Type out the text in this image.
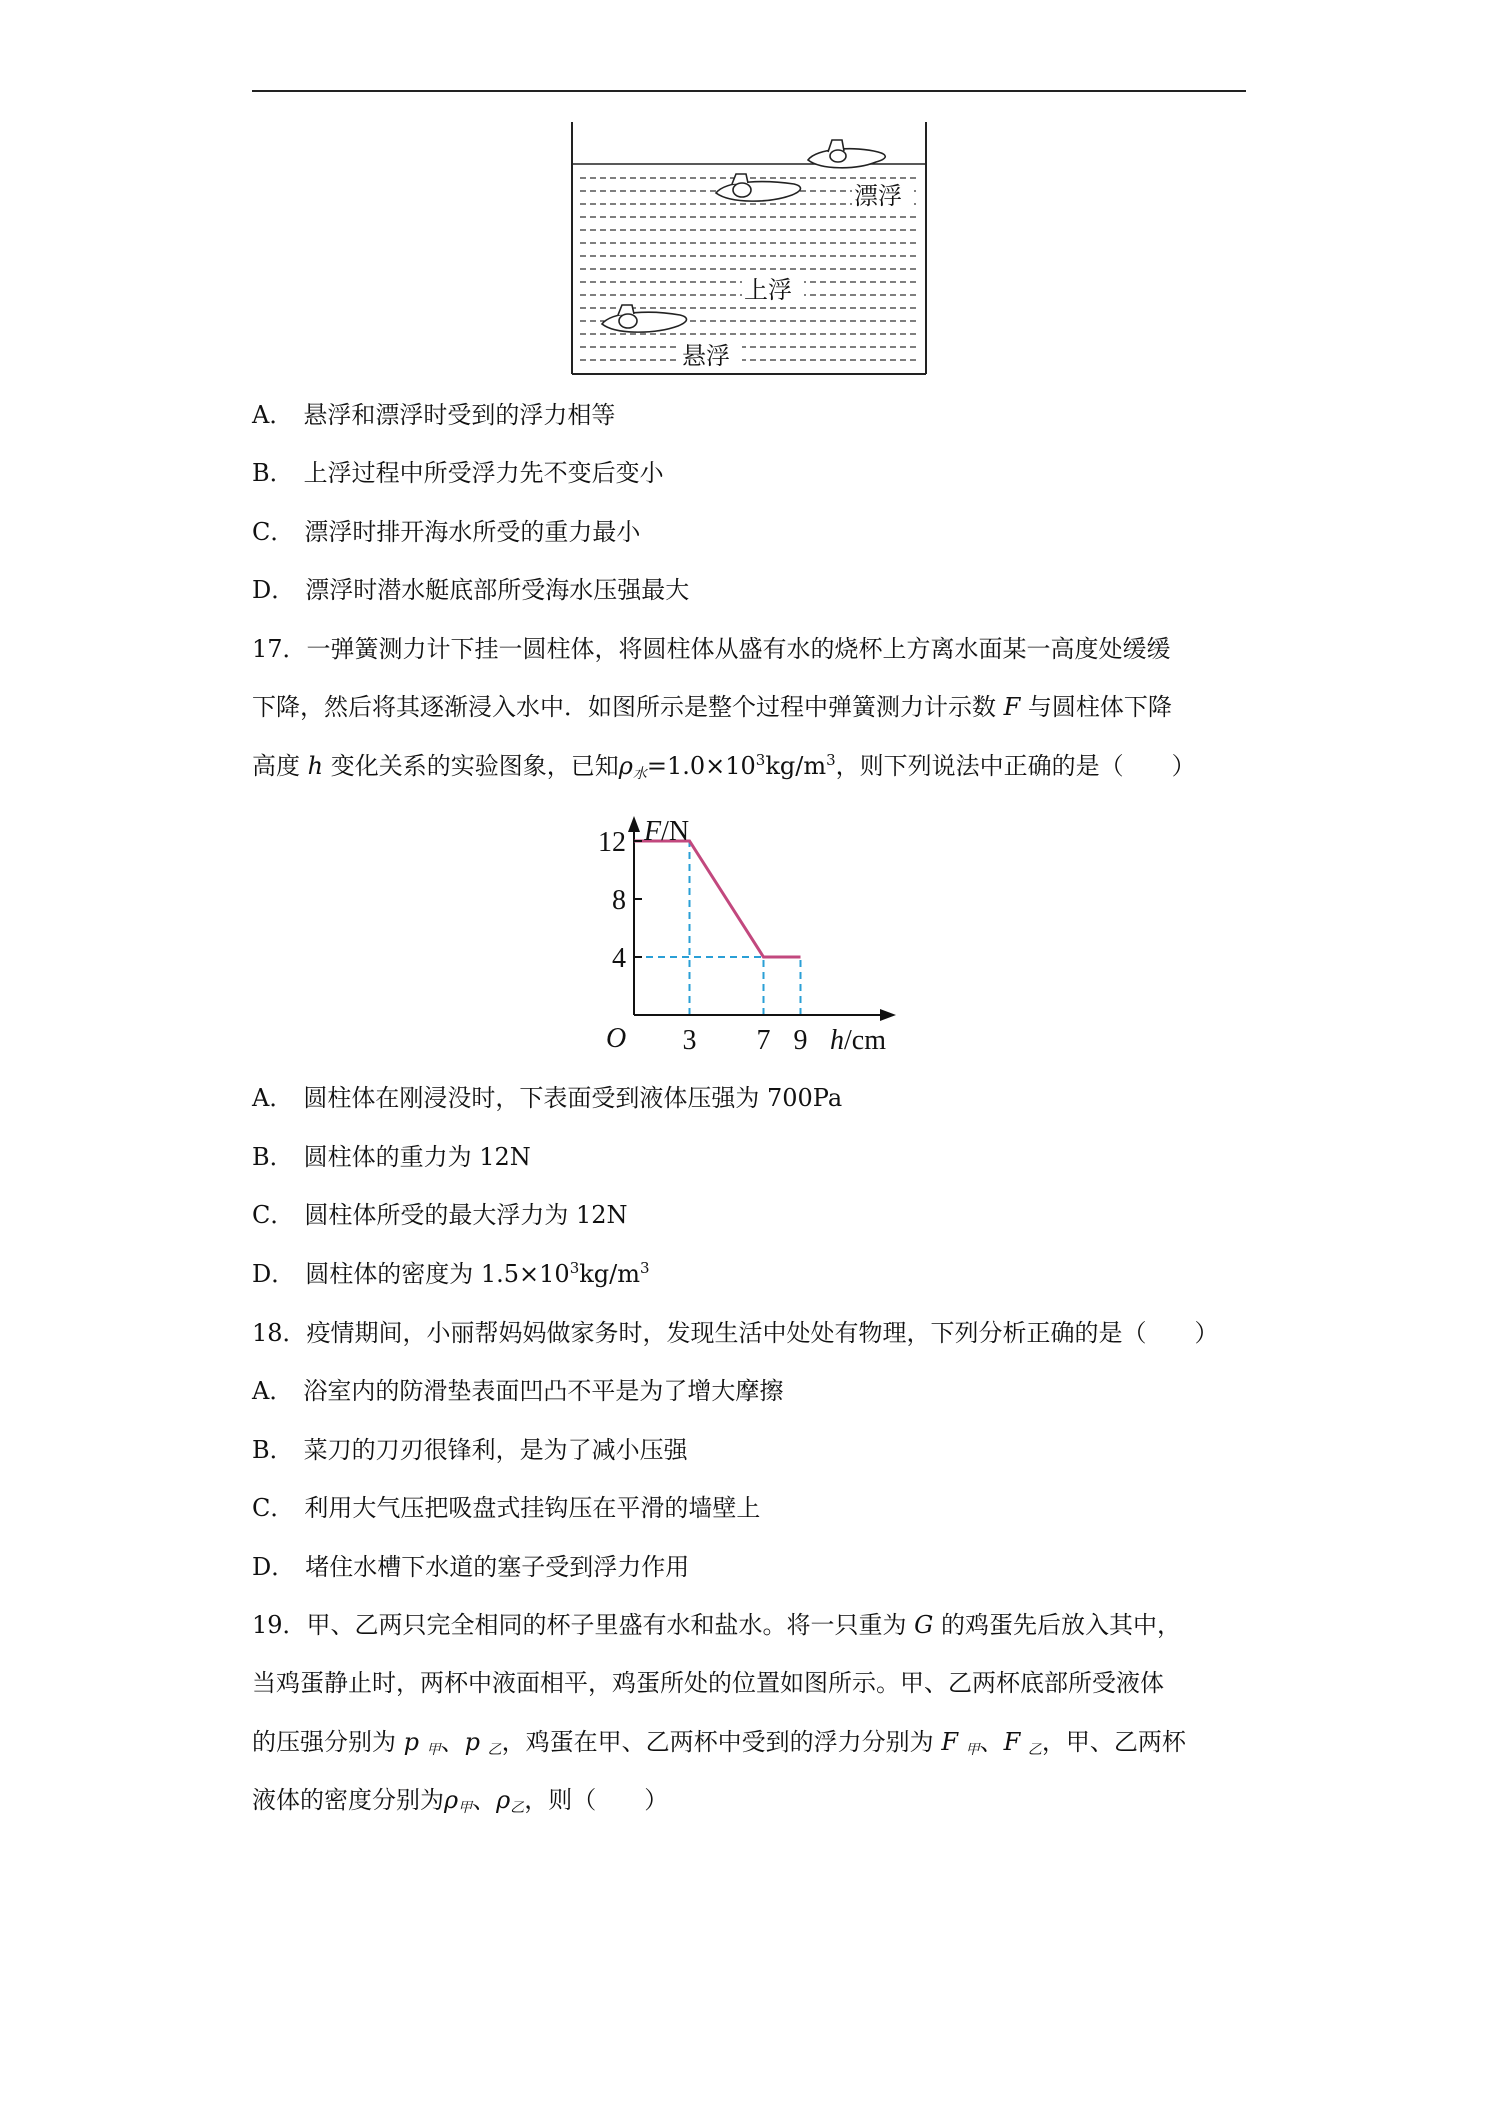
漂浮
上浮
悬浮
A． 悬浮和漂浮时受到的浮力相等
B． 上浮过程中所受浮力先不变后变小
C． 漂浮时排开海水所受的重力最小
D． 漂浮时潜水艇底部所受海水压强最大
17．一弹簧测力计下挂一圆柱体，将圆柱体从盛有水的烧杯上方离水面某一高度处缓缓
下降，然后将其逐渐浸入水中．如图所示是整个过程中弹簧测力计示数 F 与圆柱体下降
高度 h 变化关系的实验图象，已知$\rho_水=1.0\times 10^3kg/m^3$，则下列说法中正确的是（　　）
12
8
4
3 7 9
O
F/N
h/cm
A． 圆柱体在刚浸没时，下表面受到液体压强为 700Pa
B． 圆柱体的重力为 12N
C． 圆柱体所受的最大浮力为 12N
D． 圆柱体的密度为 $1.5\times 10^3kg/m^3$
18．疫情期间，小丽帮妈妈做家务时，发现生活中处处有物理，下列分析正确的是（　　）
A． 浴室内的防滑垫表面凹凸不平是为了增大摩擦
B． 菜刀的刀刃很锋利，是为了减小压强
C． 利用大气压把吸盘式挂钩压在平滑的墙壁上
D． 堵住水槽下水道的塞子受到浮力作用
19．甲、乙两只完全相同的杯子里盛有水和盐水。将一只重为 G 的鸡蛋先后放入其中，
当鸡蛋静止时，两杯中液面相平，鸡蛋所处的位置如图所示。甲、乙两杯底部所受液体
的压强分别为 p $_甲$、p $_乙$，鸡蛋在甲、乙两杯中受到的浮力分别为 F $_甲$、F $_乙$，甲、乙两杯
液体的密度分别为$\rho_甲$、$\rho_乙$，则（　　）
